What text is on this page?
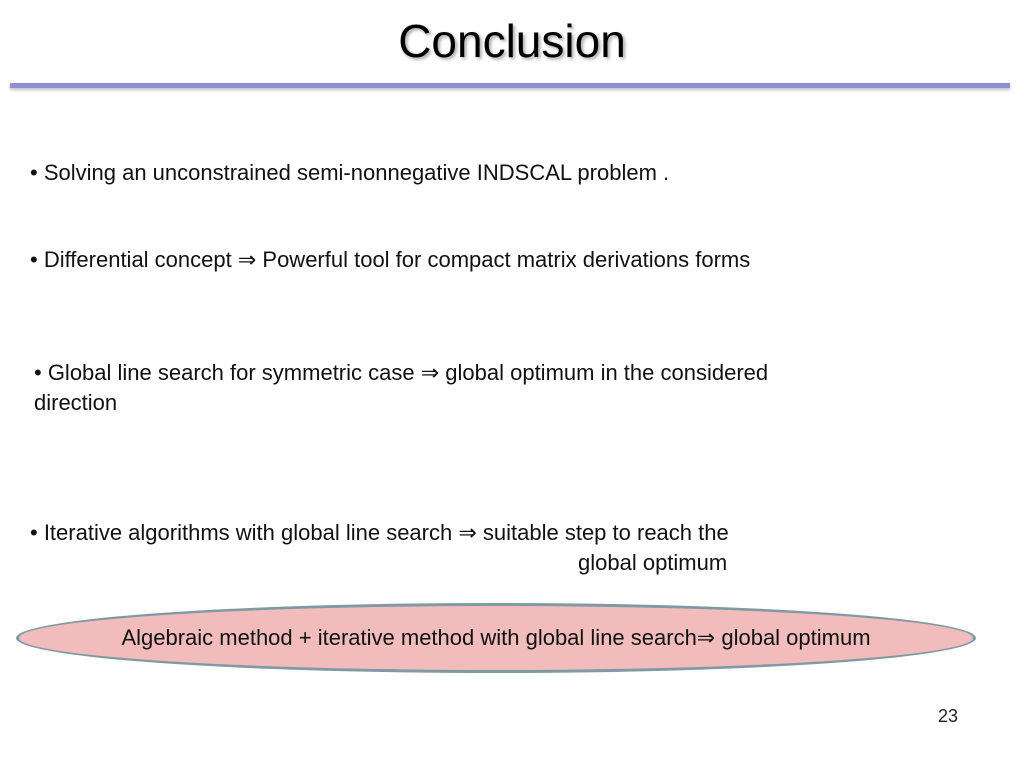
Conclusion
• Solving an unconstrained semi-nonnegative INDSCAL problem .
• Differential concept ⇒ Powerful tool for compact matrix derivations forms
• Global line search for symmetric case ⇒ global optimum in the considered
direction
• Iterative algorithms with global line search ⇒ suitable step to reach the
global optimum
Algebraic method + iterative method with global line search⇒ global optimum
23
